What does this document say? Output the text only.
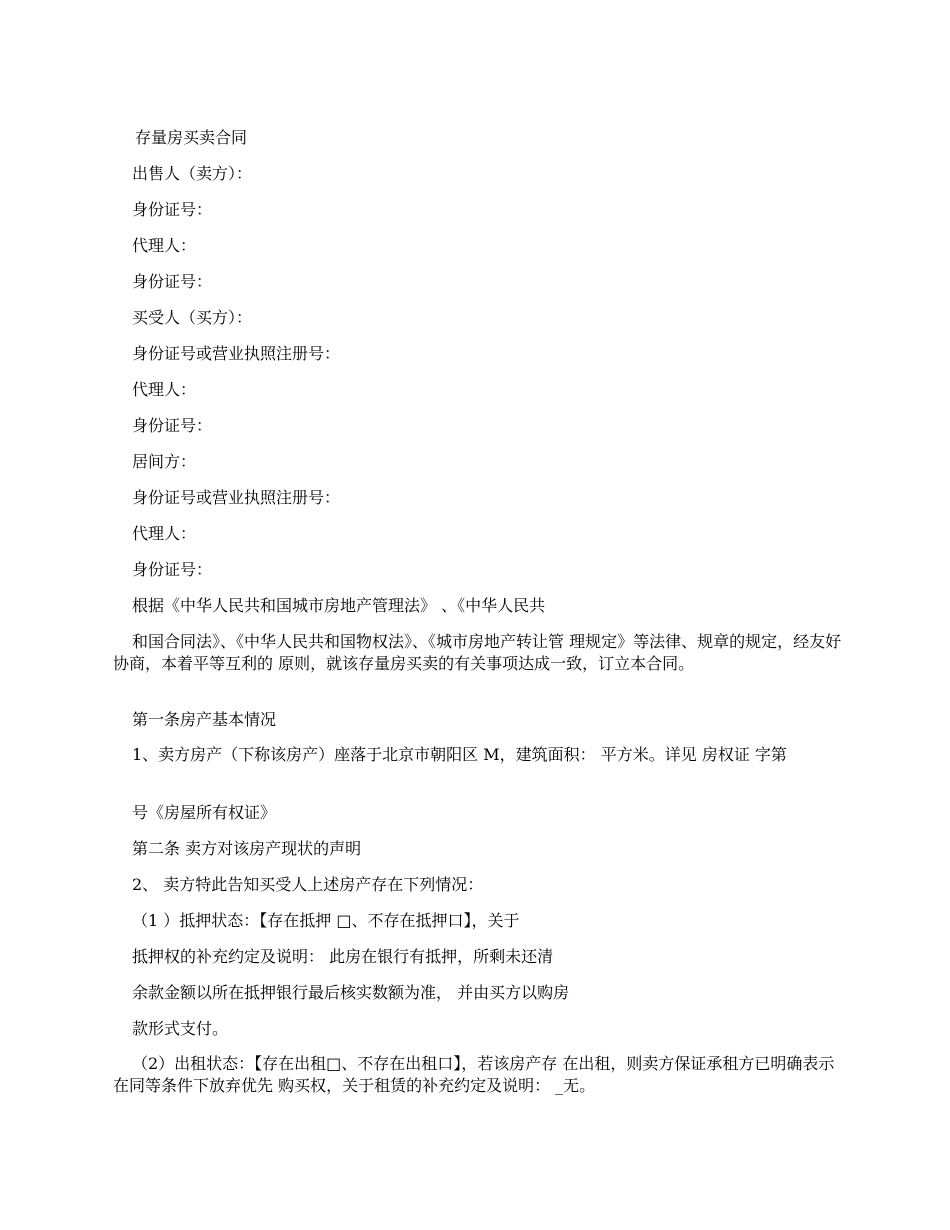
存量房买卖合同
出售人（卖方）：
身份证号：
代理人：
身份证号：
买受人（买方）：
身份证号或营业执照注册号：
代理人：
身份证号：
居间方：
身份证号或营业执照注册号：
代理人：
身份证号：
根据《中华人民共和国城市房地产管理法》 、《中华人民共
和国合同法》、《中华人民共和国物权法》、《城市房地产转让管 理规定》等法律、规章的规定，经友好协商，本着平等互利的 原则，就该存量房买卖的有关事项达成一致，订立本合同。
第一条房产基本情况
1、卖方房产（下称该房产）座落于北京市朝阳区 M，建筑面积： 平方米。详见 房权证 字第
号《房屋所有权证》
第二条 卖方对该房产现状的声明
2、 卖方特此告知买受人上述房产存在下列情况：
（1 ）抵押状态：【存在抵押 □、不存在抵押口】，关于
抵押权的补充约定及说明： 此房在银行有抵押，所剩未还清
余款金额以所在抵押银行最后核实数额为准， 并由买方以购房
款形式支付。
（2）出租状态：【存在出租□、不存在出租口】，若该房产存 在出租，则卖方保证承租方已明确表示在同等条件下放弃优先 购买权，关于租赁的补充约定及说明： _无。
